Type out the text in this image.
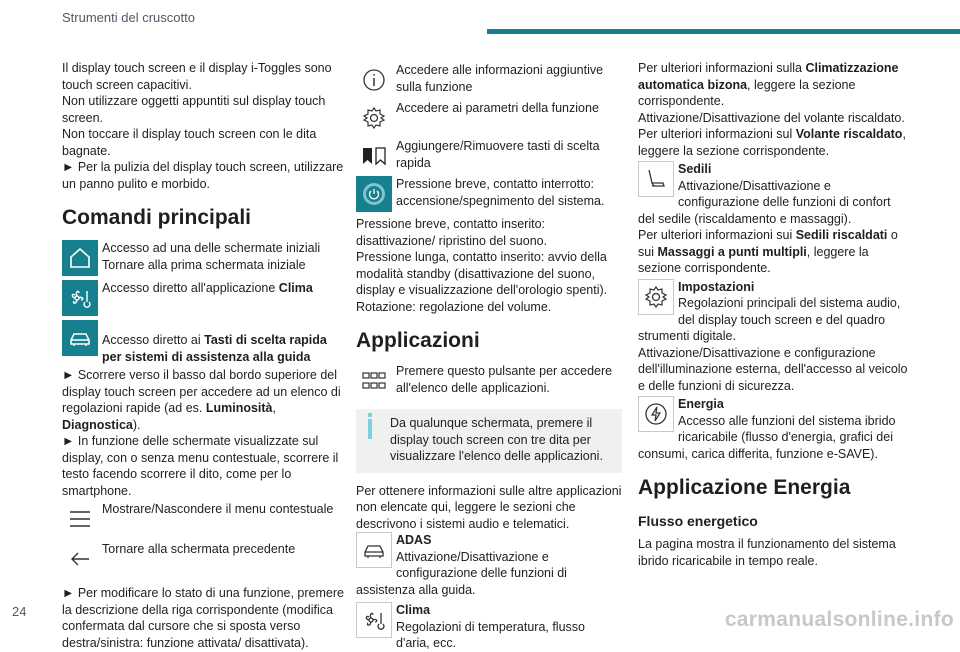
Strumenti del cruscotto

Il display touch screen e il display i-Toggles sono touch screen capacitivi.

Non utilizzare oggetti appuntiti sul display touch screen.

Non toccare il display touch screen con le dita bagnate.

► Per la pulizia del display touch screen, utilizzare un panno pulito e morbido.

Comandi principali

Accesso ad una delle schermate iniziali

Tornare alla prima schermata iniziale

Accesso diretto all'applicazione Clima

Accesso diretto ai Tasti di scelta rapida per sistemi di assistenza alla guida

► Scorrere verso il basso dal bordo superiore del display touch screen per accedere ad un elenco di regolazioni rapide (ad es. Luminosità, Diagnostica).

► In funzione delle schermate visualizzate sul display, con o senza menu contestuale, scorrere il testo facendo scorrere il dito, come per lo smartphone.

Mostrare/Nascondere il menu contestuale

Tornare alla schermata precedente

► Per modificare lo stato di una funzione, premere la descrizione della riga corrispondente (modifica confermata dal cursore che si sposta verso destra/sinistra: funzione attivata/ disattivata).

Accedere alle informazioni aggiuntive sulla funzione

Accedere ai parametri della funzione

Aggiungere/Rimuovere tasti di scelta rapida

Pressione breve, contatto interrotto: accensione/spegnimento del sistema.

Pressione breve, contatto inserito: disattivazione/ ripristino del suono.

Pressione lunga, contatto inserito: avvio della modalità standby (disattivazione del suono, display e visualizzazione dell'orologio spenti).

Rotazione: regolazione del volume.

Applicazioni

Premere questo pulsante per accedere all'elenco delle applicazioni.

Da qualunque schermata, premere il display touch screen con tre dita per visualizzare l'elenco delle applicazioni.

Per ottenere informazioni sulle altre applicazioni non elencate qui, leggere le sezioni che descrivono i sistemi audio e telematici.

ADAS

Attivazione/Disattivazione e configurazione delle funzioni di assistenza alla guida.

Clima

Regolazioni di temperatura, flusso d'aria, ecc.

Per ulteriori informazioni sulla Climatizzazione automatica bizona, leggere la sezione corrispondente.

Attivazione/Disattivazione del volante riscaldato.

Per ulteriori informazioni sul Volante riscaldato, leggere la sezione corrispondente.

Sedili

Attivazione/Disattivazione e configurazione delle funzioni di confort del sedile (riscaldamento e massaggi).

Per ulteriori informazioni sui Sedili riscaldati o sui Massaggi a punti multipli, leggere la sezione corrispondente.

Impostazioni

Regolazioni principali del sistema audio, del display touch screen e del quadro strumenti digitale.

Attivazione/Disattivazione e configurazione dell'illuminazione esterna, dell'accesso al veicolo e delle funzioni di sicurezza.

Energia

Accesso alle funzioni del sistema ibrido ricaricabile (flusso d'energia, grafici dei consumi, carica differita, funzione e-SAVE).

Applicazione Energia
Flusso energetico

La pagina mostra il funzionamento del sistema ibrido ricaricabile in tempo reale.

24	carmanualsonline.info
